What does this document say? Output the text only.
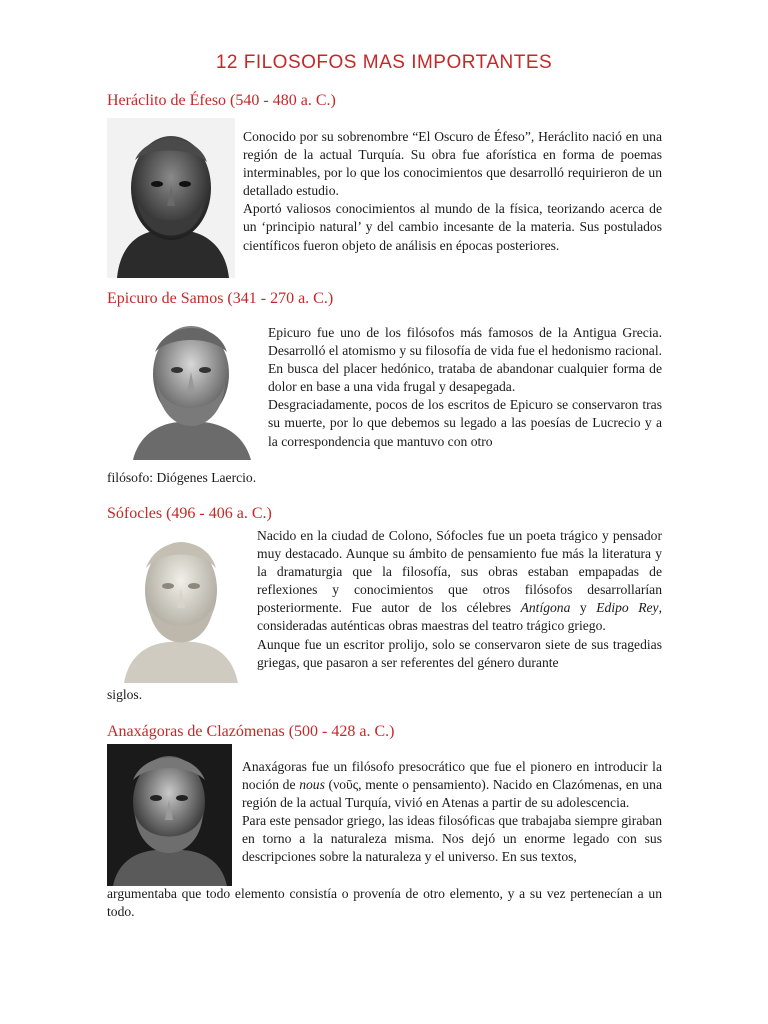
12 FILOSOFOS MAS IMPORTANTES
Heráclito de Éfeso (540 - 480 a. C.)

Conocido por su sobrenombre “El Oscuro de Éfeso”, Heráclito nació en una región de la actual Turquía. Su obra fue aforística en forma de poemas interminables, por lo que los conocimientos que desarrolló requirieron de un detallado estudio.

Aportó valiosos conocimientos al mundo de la física, teorizando acerca de un ‘principio natural’ y del cambio incesante de la materia. Sus postulados científicos fueron objeto de análisis en épocas posteriores.

Epicuro de Samos (341 - 270 a. C.)

Epicuro fue uno de los filósofos más famosos de la Antigua Grecia. Desarrolló el atomismo y su filosofía de vida fue el hedonismo racional. En busca del placer hedónico, trataba de abandonar cualquier forma de dolor en base a una vida frugal y desapegada.

Desgraciadamente, pocos de los escritos de Epicuro se conservaron tras su muerte, por lo que debemos su legado a las poesías de Lucrecio y a la correspondencia que mantuvo con otro

filósofo: Diógenes Laercio.
Sófocles (496 - 406 a. C.)

Nacido en la ciudad de Colono, Sófocles fue un poeta trágico y pensador muy destacado. Aunque su ámbito de pensamiento fue más la literatura y la dramaturgia que la filosofía, sus obras estaban empapadas de reflexiones y conocimientos que otros filósofos desarrollarían posteriormente. Fue autor de los célebres Antígona y Edipo Rey, consideradas auténticas obras maestras del teatro trágico griego.

Aunque fue un escritor prolijo, solo se conservaron siete de sus tragedias griegas, que pasaron a ser referentes del género durante

siglos.
Anaxágoras de Clazómenas (500 - 428 a. C.)

Anaxágoras fue un filósofo presocrático que fue el pionero en introducir la noción de nous (νοῦς, mente o pensamiento). Nacido en Clazómenas, en una región de la actual Turquía, vivió en Atenas a partir de su adolescencia.

Para este pensador griego, las ideas filosóficas que trabajaba siempre giraban en torno a la naturaleza misma. Nos dejó un enorme legado con sus descripciones sobre la naturaleza y el universo. En sus textos,

argumentaba que todo elemento consistía o provenía de otro elemento, y a su vez pertenecían a un todo.
